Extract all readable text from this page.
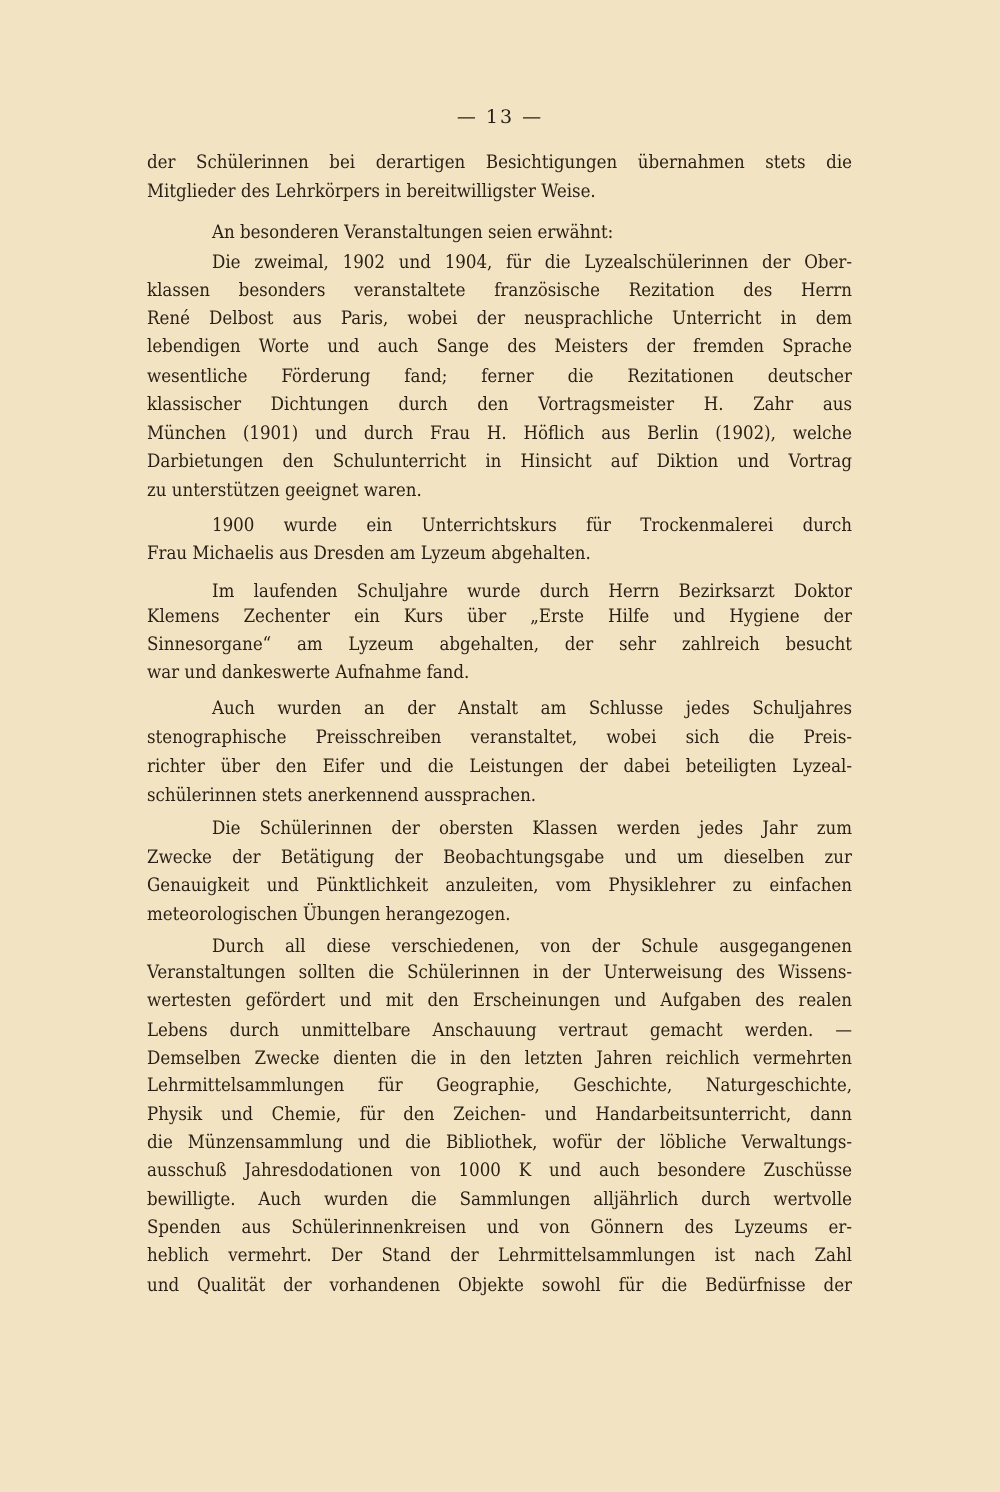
— 13 —
der Schülerinnen bei derartigen Besichtigungen übernahmen stets die
Mitglieder des Lehrkörpers in bereitwilligster Weise.
An besonderen Veranstaltungen seien erwähnt:
Die zweimal, 1902 und 1904, für die Lyzealschülerinnen der Ober-
klassen besonders veranstaltete französische Rezitation des Herrn
René Delbost aus Paris, wobei der neusprachliche Unterricht in dem
lebendigen Worte und auch Sange des Meisters der fremden Sprache
wesentliche Förderung fand; ferner die Rezitationen deutscher
klassischer Dichtungen durch den Vortragsmeister H. Zahr aus
München (1901) und durch Frau H. Höflich aus Berlin (1902), welche
Darbietungen den Schulunterricht in Hinsicht auf Diktion und Vortrag
zu unterstützen geeignet waren.
1900 wurde ein Unterrichtskurs für Trockenmalerei durch
Frau Michaelis aus Dresden am Lyzeum abgehalten.
Im laufenden Schuljahre wurde durch Herrn Bezirksarzt Doktor
Klemens Zechenter ein Kurs über „Erste Hilfe und Hygiene der
Sinnesorgane“ am Lyzeum abgehalten, der sehr zahlreich besucht
war und dankeswerte Aufnahme fand.
Auch wurden an der Anstalt am Schlusse jedes Schuljahres
stenographische Preisschreiben veranstaltet, wobei sich die Preis-
richter über den Eifer und die Leistungen der dabei beteiligten Lyzeal-
schülerinnen stets anerkennend aussprachen.
Die Schülerinnen der obersten Klassen werden jedes Jahr zum
Zwecke der Betätigung der Beobachtungsgabe und um dieselben zur
Genauigkeit und Pünktlichkeit anzuleiten, vom Physiklehrer zu einfachen
meteorologischen Übungen herangezogen.
Durch all diese verschiedenen, von der Schule ausgegangenen
Veranstaltungen sollten die Schülerinnen in der Unterweisung des Wissens-
wertesten gefördert und mit den Erscheinungen und Aufgaben des realen
Lebens durch unmittelbare Anschauung vertraut gemacht werden. —
Demselben Zwecke dienten die in den letzten Jahren reichlich vermehrten
Lehrmittelsammlungen für Geographie, Geschichte, Naturgeschichte,
Physik und Chemie, für den Zeichen- und Handarbeitsunterricht, dann
die Münzensammlung und die Bibliothek, wofür der löbliche Verwaltungs-
ausschuß Jahresdodationen von 1000 K und auch besondere Zuschüsse
bewilligte. Auch wurden die Sammlungen alljährlich durch wertvolle
Spenden aus Schülerinnenkreisen und von Gönnern des Lyzeums er-
heblich vermehrt. Der Stand der Lehrmittelsammlungen ist nach Zahl
und Qualität der vorhandenen Objekte sowohl für die Bedürfnisse der
